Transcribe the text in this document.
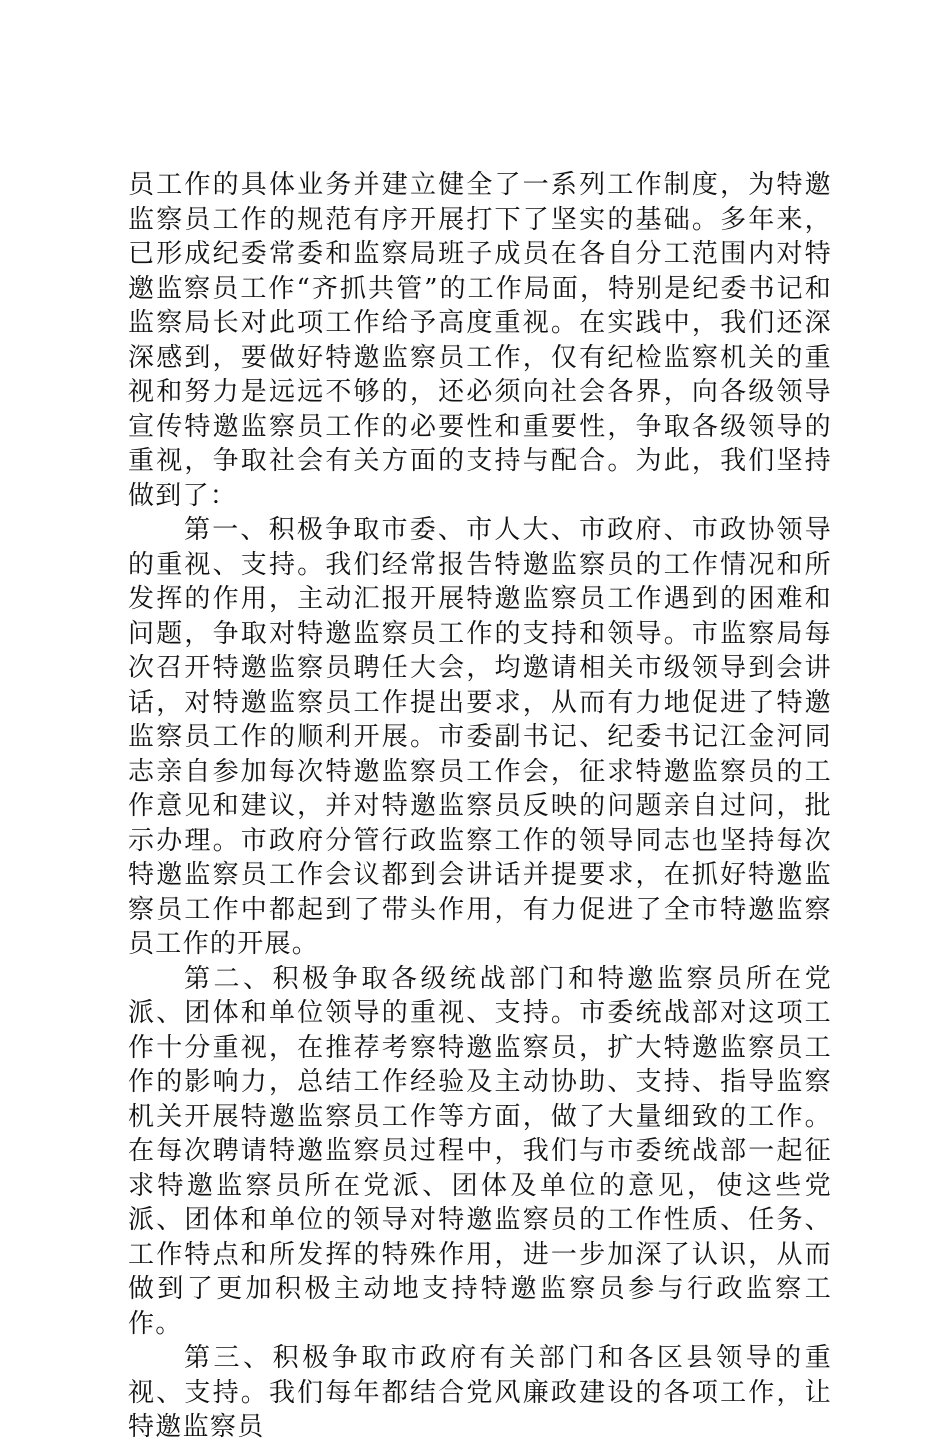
员工作的具体业务并建立健全了一系列工作制度，为特邀监察员工作的规范有序开展打下了坚实的基础。多年来，已形成纪委常委和监察局班子成员在各自分工范围内对特邀监察员工作“齐抓共管”的工作局面，特别是纪委书记和监察局长对此项工作给予高度重视。在实践中，我们还深深感到，要做好特邀监察员工作，仅有纪检监察机关的重视和努力是远远不够的，还必须向社会各界，向各级领导宣传特邀监察员工作的必要性和重要性，争取各级领导的重视，争取社会有关方面的支持与配合。为此，我们坚持做到了：

第一、积极争取市委、市人大、市政府、市政协领导的重视、支持。我们经常报告特邀监察员的工作情况和所发挥的作用，主动汇报开展特邀监察员工作遇到的困难和问题，争取对特邀监察员工作的支持和领导。市监察局每次召开特邀监察员聘任大会，均邀请相关市级领导到会讲话，对特邀监察员工作提出要求，从而有力地促进了特邀监察员工作的顺利开展。市委副书记、纪委书记江金河同志亲自参加每次特邀监察员工作会，征求特邀监察员的工作意见和建议，并对特邀监察员反映的问题亲自过问，批示办理。市政府分管行政监察工作的领导同志也坚持每次特邀监察员工作会议都到会讲话并提要求，在抓好特邀监察员工作中都起到了带头作用，有力促进了全市特邀监察员工作的开展。

第二、积极争取各级统战部门和特邀监察员所在党派、团体和单位领导的重视、支持。市委统战部对这项工作十分重视，在推荐考察特邀监察员，扩大特邀监察员工作的影响力，总结工作经验及主动协助、支持、指导监察机关开展特邀监察员工作等方面，做了大量细致的工作。在每次聘请特邀监察员过程中，我们与市委统战部一起征求特邀监察员所在党派、团体及单位的意见，使这些党派、团体和单位的领导对特邀监察员的工作性质、任务、工作特点和所发挥的特殊作用，进一步加深了认识，从而做到了更加积极主动地支持特邀监察员参与行政监察工作。

第三、积极争取市政府有关部门和各区县领导的重视、支持。我们每年都结合党风廉政建设的各项工作，让特邀监察员
